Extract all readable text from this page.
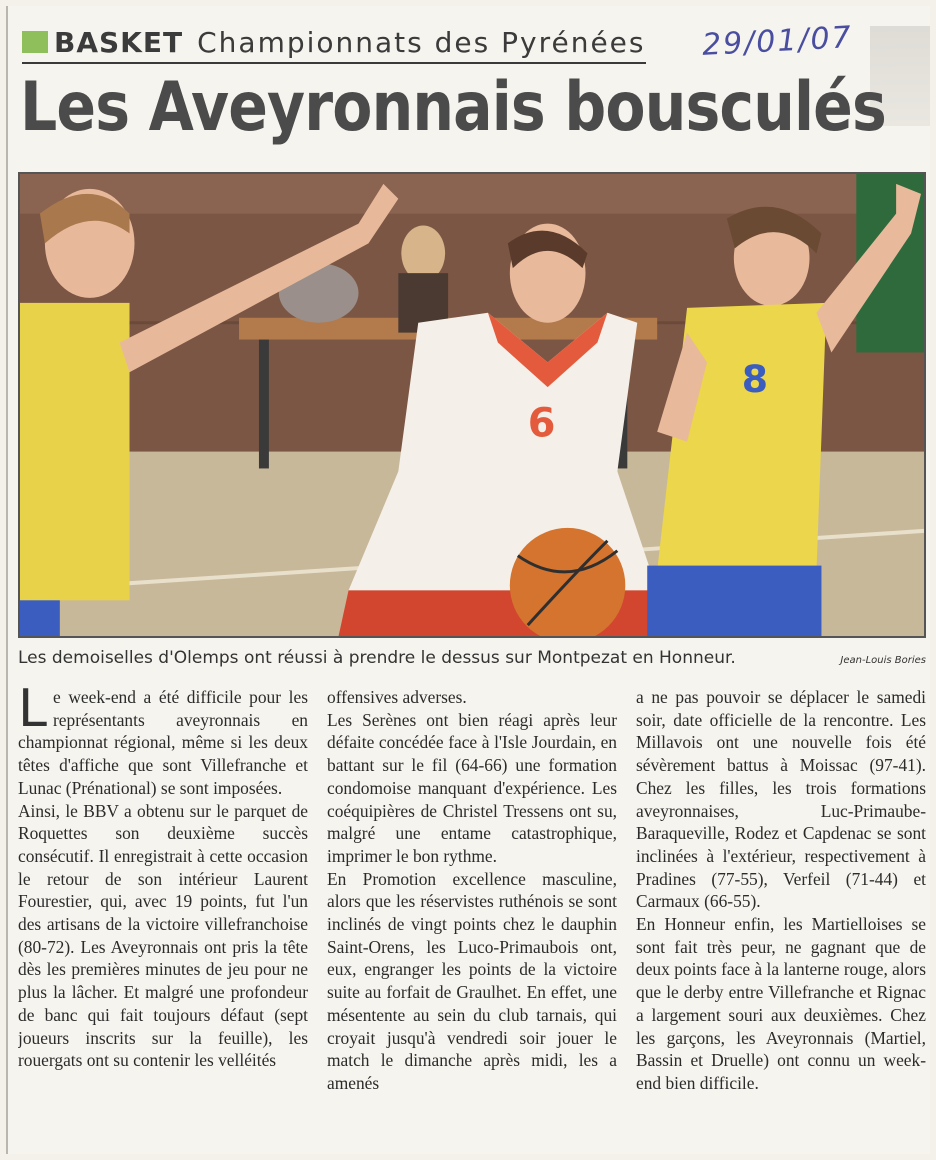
BASKET Championnats des Pyrénées 29/01/07
Les Aveyronnais bousculés
6
8
Les demoiselles d'Olemps ont réussi à prendre le dessus sur Montpezat en Honneur.	Jean-Louis Bories
L e week-end a été difficile pour les représentants aveyronnais en championnat régional, même si les deux têtes d'affiche que sont Villefranche et Lunac (Prénational) se sont imposées.

Ainsi, le BBV a obtenu sur le parquet de Roquettes son deuxième succès consécutif. Il enregistrait à cette occasion le retour de son intérieur Laurent Fourestier, qui, avec 19 points, fut l'un des artisans de la victoire villefranchoise (80-72). Les Aveyronnais ont pris la tête dès les premières minutes de jeu pour ne plus la lâcher. Et malgré une profondeur de banc qui fait toujours défaut (sept joueurs inscrits sur la feuille), les rouergats ont su contenir les velléités

offensives adverses.

Les Serènes ont bien réagi après leur défaite concédée face à l'Isle Jourdain, en battant sur le fil (64-66) une formation condomoise manquant d'expérience. Les coéquipières de Christel Tressens ont su, malgré une entame catastrophique, imprimer le bon rythme.

En Promotion excellence masculine, alors que les réservistes ruthénois se sont inclinés de vingt points chez le dauphin Saint-Orens, les Luco-Primaubois ont, eux, engranger les points de la victoire suite au forfait de Graulhet. En effet, une mésentente au sein du club tarnais, qui croyait jusqu'à vendredi soir jouer le match le dimanche après midi, les a amenés

a ne pas pouvoir se déplacer le samedi soir, date officielle de la rencontre. Les Millavois ont une nouvelle fois été sévèrement battus à Moissac (97-41). Chez les filles, les trois formations aveyronnaises, Luc-Primaube-Baraqueville, Rodez et Capdenac se sont inclinées à l'extérieur, respectivement à Pradines (77-55), Verfeil (71-44) et Carmaux (66-55).

En Honneur enfin, les Martielloises se sont fait très peur, ne gagnant que de deux points face à la lanterne rouge, alors que le derby entre Villefranche et Rignac a largement souri aux deuxièmes. Chez les garçons, les Aveyronnais (Martiel, Bassin et Druelle) ont connu un week-end bien difficile.
